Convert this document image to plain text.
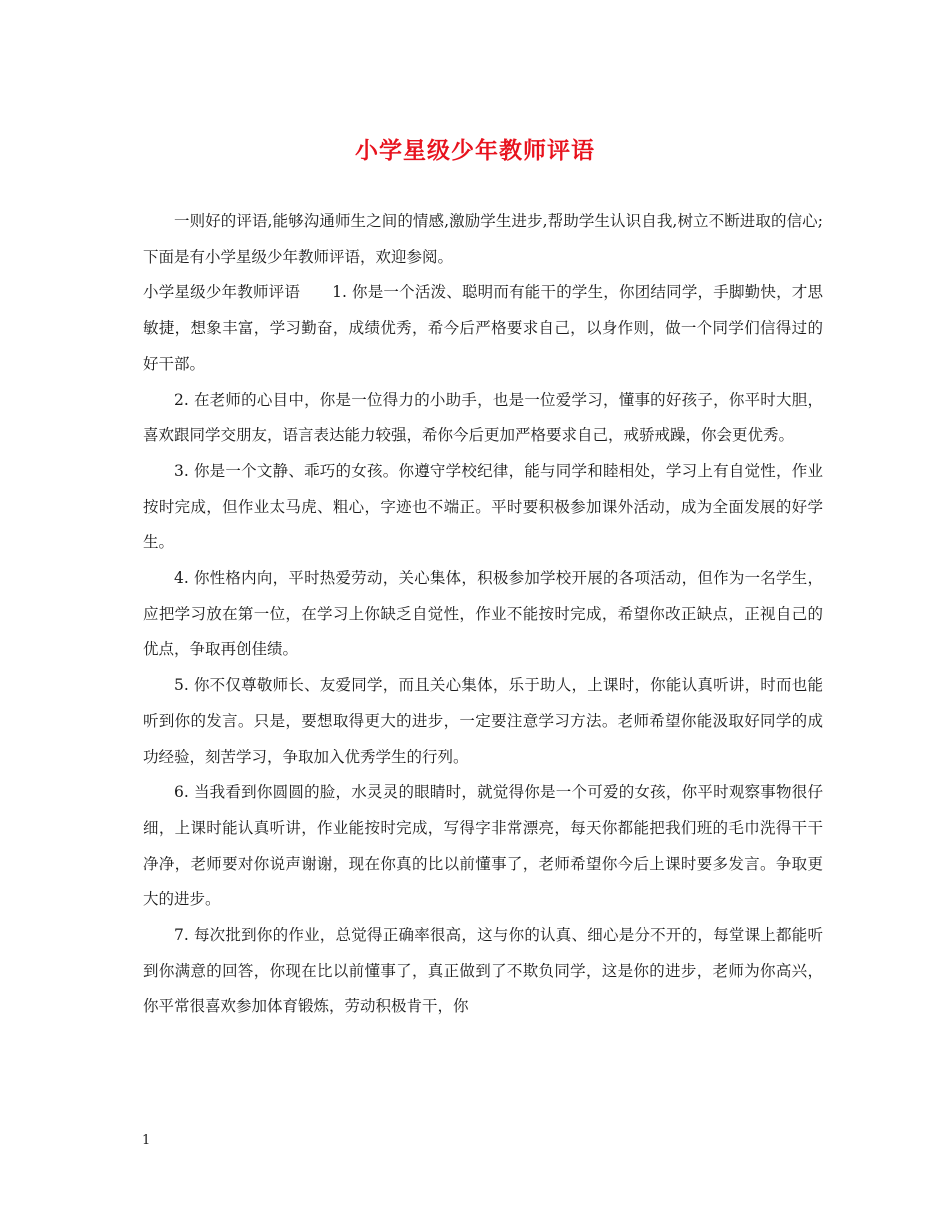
小学星级少年教师评语

一则好的评语,能够沟通师生之间的情感,激励学生进步,帮助学生认识自我,树立不断进取的信心;下面是有小学星级少年教师评语，欢迎参阅。

小学星级少年教师评语 1. 你是一个活泼、聪明而有能干的学生，你团结同学，手脚勤快，才思敏捷，想象丰富，学习勤奋，成绩优秀，希今后严格要求自己，以身作则，做一个同学们信得过的好干部。

2. 在老师的心目中，你是一位得力的小助手，也是一位爱学习，懂事的好孩子，你平时大胆，喜欢跟同学交朋友，语言表达能力较强，希你今后更加严格要求自己，戒骄戒躁，你会更优秀。

3. 你是一个文静、乖巧的女孩。你遵守学校纪律，能与同学和睦相处，学习上有自觉性，作业按时完成，但作业太马虎、粗心，字迹也不端正。平时要积极参加课外活动，成为全面发展的好学生。

4. 你性格内向，平时热爱劳动，关心集体，积极参加学校开展的各项活动，但作为一名学生，应把学习放在第一位，在学习上你缺乏自觉性，作业不能按时完成，希望你改正缺点，正视自己的优点，争取再创佳绩。

5. 你不仅尊敬师长、友爱同学，而且关心集体，乐于助人，上课时，你能认真听讲，时而也能听到你的发言。只是，要想取得更大的进步，一定要注意学习方法。老师希望你能汲取好同学的成功经验，刻苦学习，争取加入优秀学生的行列。

6. 当我看到你圆圆的脸，水灵灵的眼睛时，就觉得你是一个可爱的女孩，你平时观察事物很仔细，上课时能认真听讲，作业能按时完成，写得字非常漂亮，每天你都能把我们班的毛巾洗得干干净净，老师要对你说声谢谢，现在你真的比以前懂事了，老师希望你今后上课时要多发言。争取更大的进步。

7. 每次批到你的作业，总觉得正确率很高，这与你的认真、细心是分不开的，每堂课上都能听到你满意的回答，你现在比以前懂事了，真正做到了不欺负同学，这是你的进步，老师为你高兴，你平常很喜欢参加体育锻炼，劳动积极肯干，你

1
